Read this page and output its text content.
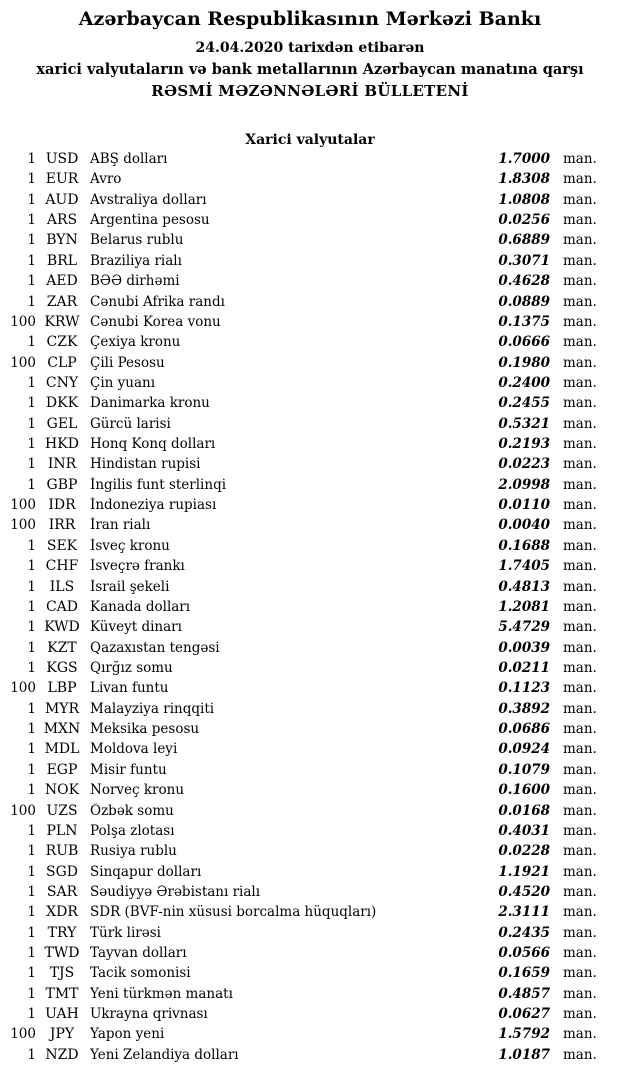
Azərbaycan Respublikasının Mərkəzi Bankı
24.04.2020 tarixdən etibarən
xarici valyutaların və bank metallarının Azərbaycan manatına qarşı
RƏSMİ MƏZƏNNƏLƏRİ BÜLLETENİ
Xarici valyutalar
1 USD ABŞ dolları	1.7000 man.
1 EUR Avro	1.8308 man.
1 AUD Avstraliya dolları	1.0808 man.
1 ARS Argentina pesosu	0.0256 man.
1 BYN Belarus rublu	0.6889 man.
1 BRL Braziliya rialı	0.3071 man.
1 AED BƏƏ dirhəmi	0.4628 man.
1 ZAR Cənubi Afrika randı	0.0889 man.
100 KRW Cənubi Korea vonu	0.1375 man.
1 CZK Çexiya kronu	0.0666 man.
100 CLP Çili Pesosu	0.1980 man.
1 CNY Çin yuanı	0.2400 man.
1 DKK Danimarka kronu	0.2455 man.
1 GEL Gürcü larisi	0.5321 man.
1 HKD Honq Konq dolları	0.2193 man.
1 INR	Hindistan rupisi	0.0223 man.
1 GBP İngilis funt sterlinqi	2.0998 man.
100 IDR	İndoneziya rupiası	0.0110 man.
100 IRR	İran rialı	0.0040 man.
1 SEK İsveç kronu	0.1688 man.
1 CHF İsveçrə frankı	1.7405 man.
1 ILS	İsrail şekeli	0.4813 man.
1 CAD Kanada dolları	1.2081 man.
1 KWD Küveyt dinarı	5.4729 man.
1 KZT Qazaxıstan tengəsi	0.0039 man.
1 KGS Qırğız somu	0.0211 man.
100 LBP	Livan funtu	0.1123 man.
1 MYR Malayziya rinqqiti	0.3892 man.
1 MXN Meksika pesosu	0.0686 man.
1 MDL Moldova leyi	0.0924 man.
1 EGP Misir funtu	0.1079 man.
1 NOK Norveç kronu	0.1600 man.
100 UZS Özbək somu	0.0168 man.
1 PLN Polşa zlotası	0.4031 man.
1 RUB Rusiya rublu	0.0228 man.
1 SGD Sinqapur dolları	1.1921 man.
1 SAR Səudiyyə Ərəbistanı rialı	0.4520 man.
1 XDR SDR (BVF-nin xüsusi borcalma hüquqları)	2.3111 man.
1 TRY	Türk lirəsi	0.2435 man.
1 TWD Tayvan dolları	0.0566 man.
1 TJS	Tacik somonisi	0.1659 man.
1 TMT Yeni türkmən manatı	0.4857 man.
1 UAH Ukrayna qrivnası	0.0627 man.
100 JPY	Yapon yeni	1.5792 man.
1 NZD Yeni Zelandiya dolları	1.0187 man.
